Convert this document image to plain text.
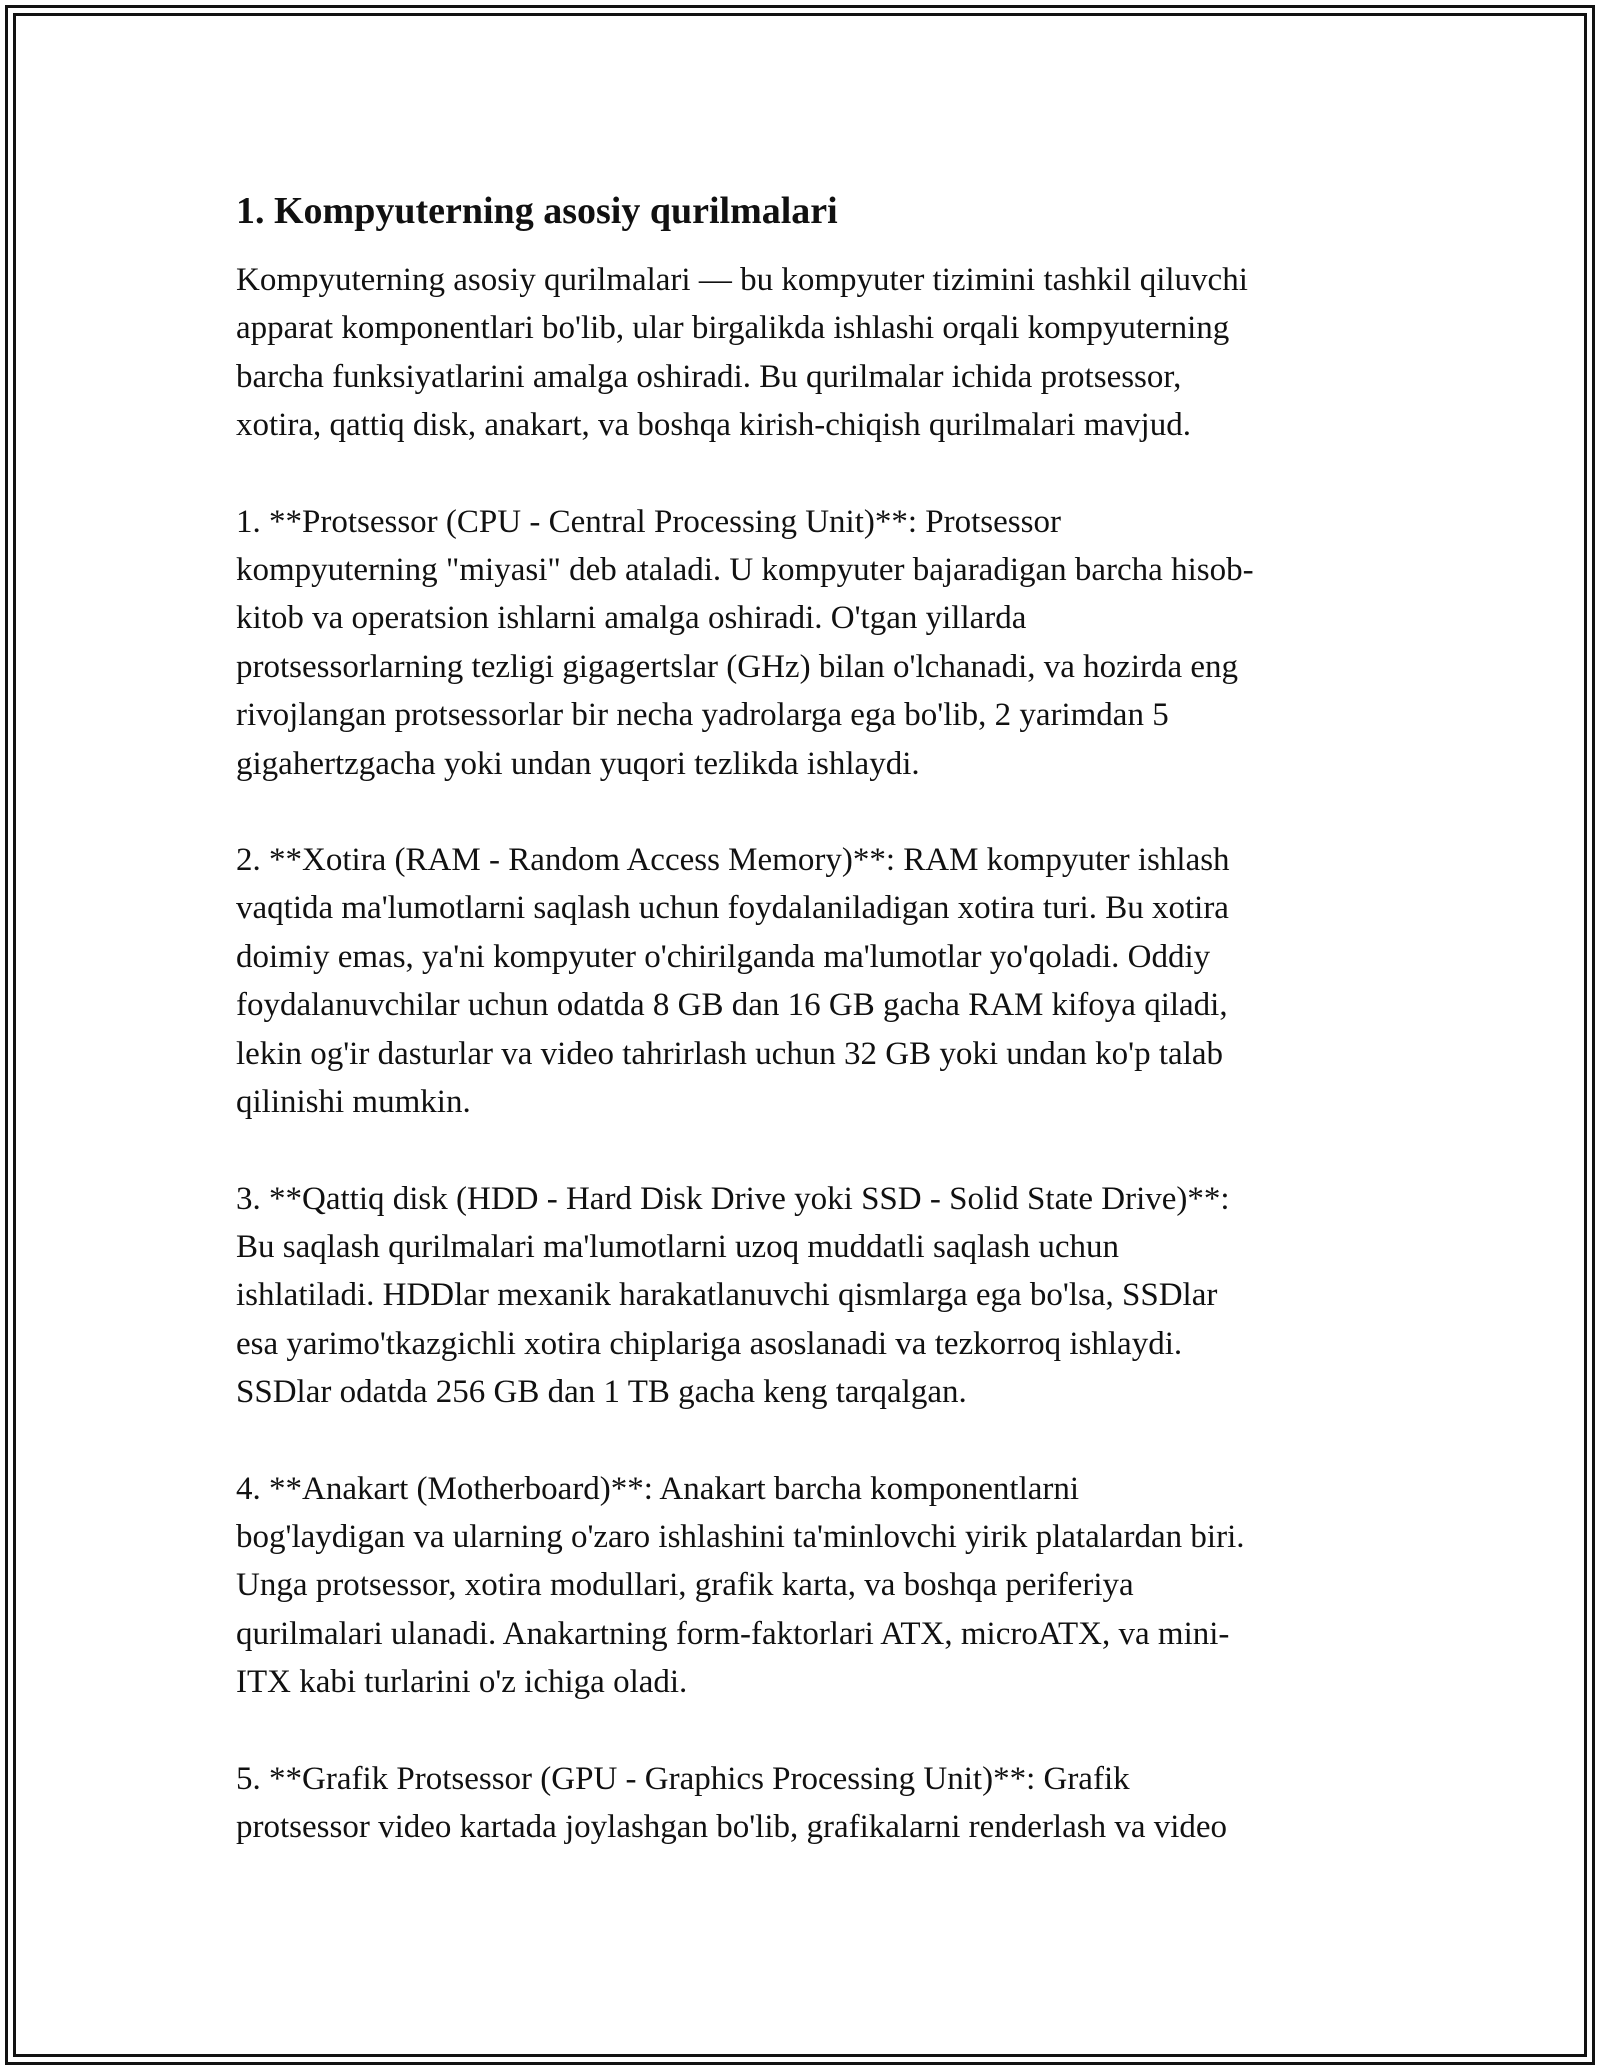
1. Kompyuterning asosiy qurilmalari

Kompyuterning asosiy qurilmalari — bu kompyuter tizimini tashkil qiluvchi
apparat komponentlari bo'lib, ular birgalikda ishlashi orqali kompyuterning
barcha funksiyatlarini amalga oshiradi. Bu qurilmalar ichida protsessor,
xotira, qattiq disk, anakart, va boshqa kirish-chiqish qurilmalari mavjud.

1. **Protsessor (CPU - Central Processing Unit)**: Protsessor
kompyuterning "miyasi" deb ataladi. U kompyuter bajaradigan barcha hisob-
kitob va operatsion ishlarni amalga oshiradi. O'tgan yillarda
protsessorlarning tezligi gigagertslar (GHz) bilan o'lchanadi, va hozirda eng
rivojlangan protsessorlar bir necha yadrolarga ega bo'lib, 2 yarimdan 5
gigahertzgacha yoki undan yuqori tezlikda ishlaydi.

2. **Xotira (RAM - Random Access Memory)**: RAM kompyuter ishlash
vaqtida ma'lumotlarni saqlash uchun foydalaniladigan xotira turi. Bu xotira
doimiy emas, ya'ni kompyuter o'chirilganda ma'lumotlar yo'qoladi. Oddiy
foydalanuvchilar uchun odatda 8 GB dan 16 GB gacha RAM kifoya qiladi,
lekin og'ir dasturlar va video tahrirlash uchun 32 GB yoki undan ko'p talab
qilinishi mumkin.

3. **Qattiq disk (HDD - Hard Disk Drive yoki SSD - Solid State Drive)**:
Bu saqlash qurilmalari ma'lumotlarni uzoq muddatli saqlash uchun
ishlatiladi. HDDlar mexanik harakatlanuvchi qismlarga ega bo'lsa, SSDlar
esa yarimo'tkazgichli xotira chiplariga asoslanadi va tezkorroq ishlaydi.
SSDlar odatda 256 GB dan 1 TB gacha keng tarqalgan.

4. **Anakart (Motherboard)**: Anakart barcha komponentlarni
bog'laydigan va ularning o'zaro ishlashini ta'minlovchi yirik platalardan biri.
Unga protsessor, xotira modullari, grafik karta, va boshqa periferiya
qurilmalari ulanadi. Anakartning form-faktorlari ATX, microATX, va mini-
ITX kabi turlarini o'z ichiga oladi.

5. **Grafik Protsessor (GPU - Graphics Processing Unit)**: Grafik
protsessor video kartada joylashgan bo'lib, grafikalarni renderlash va video
